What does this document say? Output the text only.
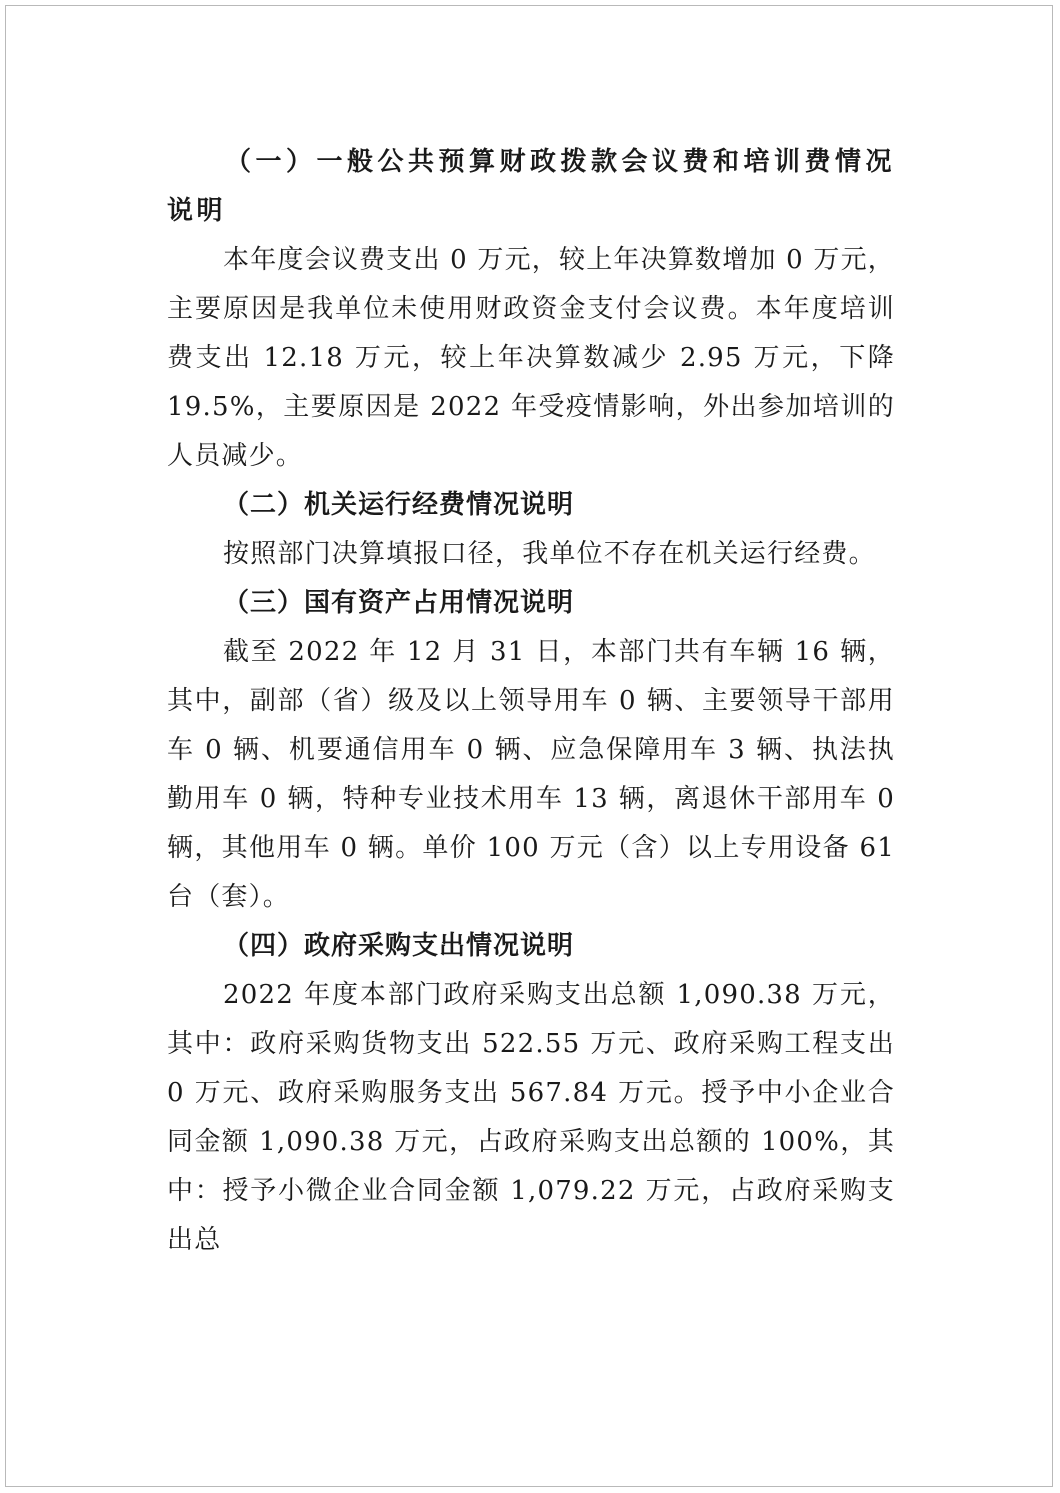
（一）一般公共预算财政拨款会议费和培训费情况说明

本年度会议费支出 0 万元，较上年决算数增加 0 万元，主要原因是我单位未使用财政资金支付会议费。本年度培训费支出 12.18 万元，较上年决算数减少 2.95 万元，下降 19.5%，主要原因是 2022 年受疫情影响，外出参加培训的人员减少。

（二）机关运行经费情况说明

按照部门决算填报口径，我单位不存在机关运行经费。

（三）国有资产占用情况说明

截至 2022 年 12 月 31 日，本部门共有车辆 16 辆，其中，副部（省）级及以上领导用车 0 辆、主要领导干部用车 0 辆、机要通信用车 0 辆、应急保障用车 3 辆、执法执勤用车 0 辆，特种专业技术用车 13 辆，离退休干部用车 0 辆，其他用车 0 辆。单价 100 万元（含）以上专用设备 61 台（套）。

（四）政府采购支出情况说明

2022 年度本部门政府采购支出总额 1,090.38 万元，其中：政府采购货物支出 522.55 万元、政府采购工程支出 0 万元、政府采购服务支出 567.84 万元。授予中小企业合同金额 1,090.38 万元，占政府采购支出总额的 100%，其中：授予小微企业合同金额 1,079.22 万元，占政府采购支出总
